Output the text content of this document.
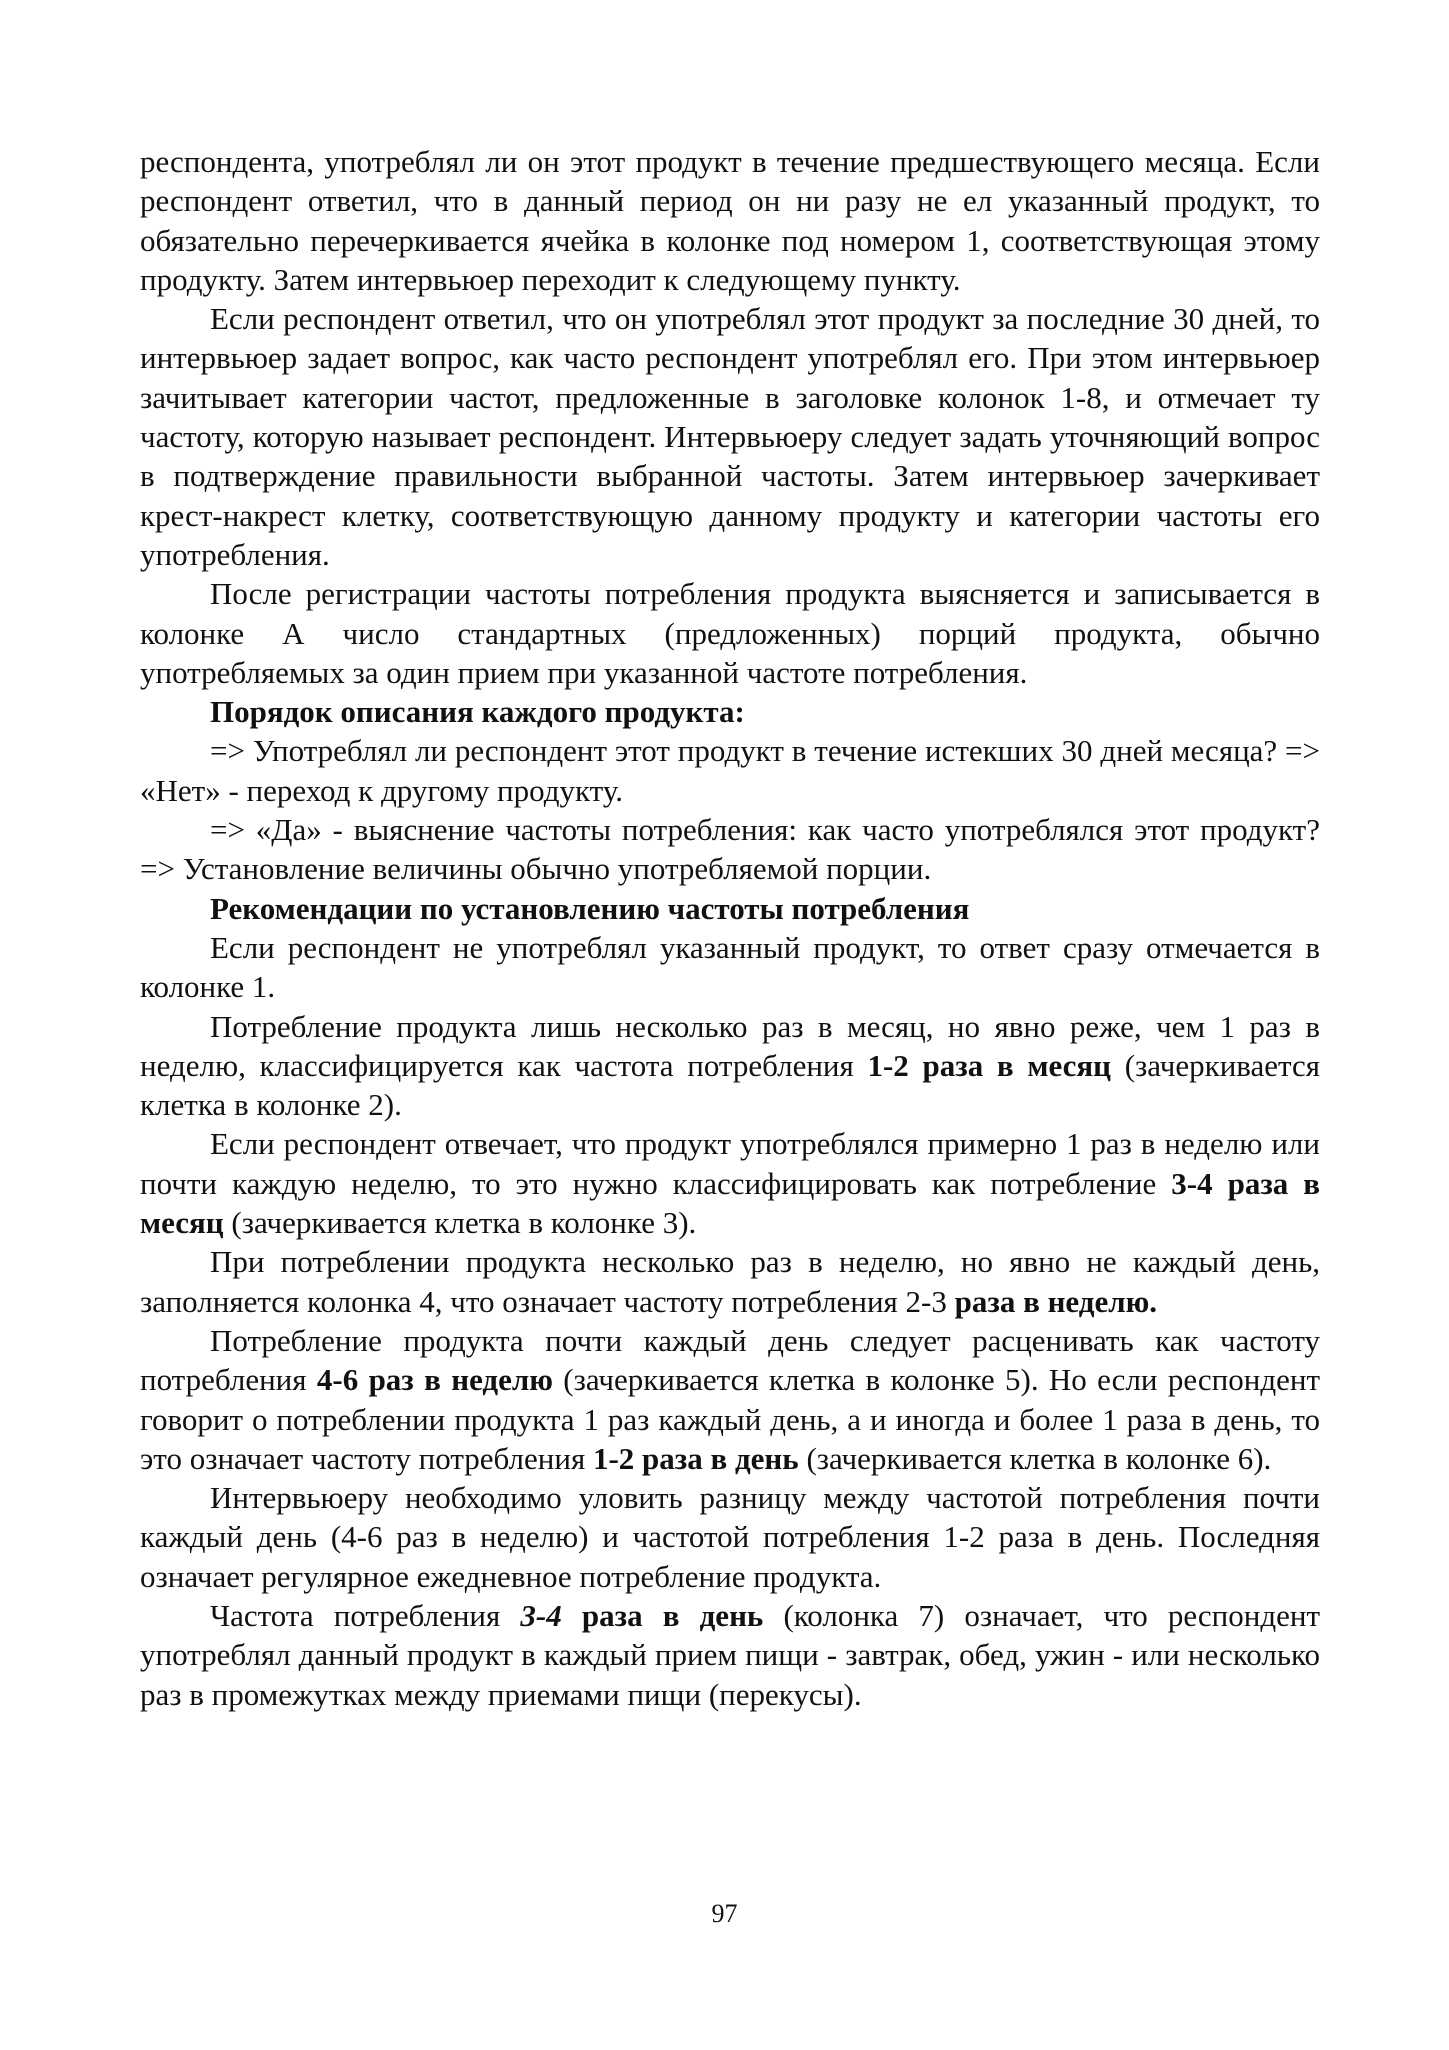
респондента, употреблял ли он этот продукт в течение предшествующего месяца. Если респондент ответил, что в данный период он ни разу не ел указанный продукт, то обязательно перечеркивается ячейка в колонке под номером 1, соответствующая этому продукту. Затем интервьюер переходит к следующему пункту.

Если респондент ответил, что он употреблял этот продукт за последние 30 дней, то интервьюер задает вопрос, как часто респондент употреблял его. При этом интервьюер зачитывает категории частот, предложенные в заголовке колонок 1-8, и отмечает ту частоту, которую называет респондент. Интервьюеру следует задать уточняющий вопрос в подтверждение правильности выбранной частоты. Затем интервьюер зачеркивает крест-накрест клетку, соответствующую данному продукту и категории частоты его употребления.

После регистрации частоты потребления продукта выясняется и записывается в колонке А число стандартных (предложенных) порций продукта, обычно употребляемых за один прием при указанной частоте потребления.

Порядок описания каждого продукта:

=> Употреблял ли респондент этот продукт в течение истекших 30 дней месяца? => «Нет» - переход к другому продукту.

=> «Да» - выяснение частоты потребления: как часто употреблялся этот продукт? => Установление величины обычно употребляемой порции.

Рекомендации по установлению частоты потребления

Если респондент не употреблял указанный продукт, то ответ сразу отмечается в колонке 1.

Потребление продукта лишь несколько раз в месяц, но явно реже, чем 1 раз в неделю, классифицируется как частота потребления 1-2 раза в месяц (зачеркивается клетка в колонке 2).

Если респондент отвечает, что продукт употреблялся примерно 1 раз в неделю или почти каждую неделю, то это нужно классифицировать как потребление 3-4 раза в месяц (зачеркивается клетка в колонке 3).

При потреблении продукта несколько раз в неделю, но явно не каждый день, заполняется колонка 4, что означает частоту потребления 2-3 раза в неделю.

Потребление продукта почти каждый день следует расценивать как частоту потребления 4-6 раз в неделю (зачеркивается клетка в колонке 5). Но если респондент говорит о потреблении продукта 1 раз каждый день, а и иногда и более 1 раза в день, то это означает частоту потребления 1-2 раза в день (зачеркивается клетка в колонке 6).

Интервьюеру необходимо уловить разницу между частотой потребления почти каждый день (4-6 раз в неделю) и частотой потребления 1-2 раза в день. Последняя означает регулярное ежедневное потребление продукта.

Частота потребления 3-4 раза в день (колонка 7) означает, что респондент употреблял данный продукт в каждый прием пищи - завтрак, обед, ужин - или несколько раз в промежутках между приемами пищи (перекусы).

97
